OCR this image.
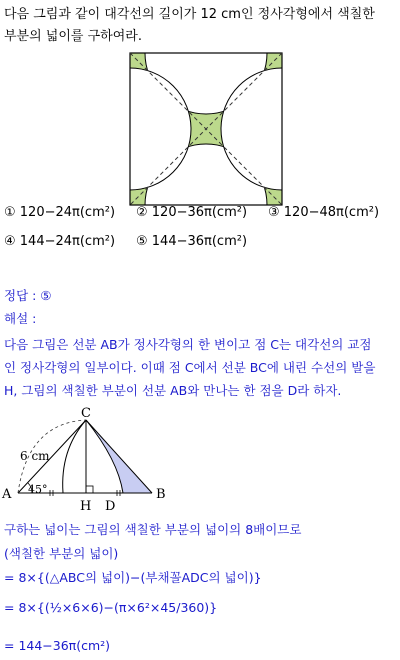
다음 그림과 같이 대각선의 길이가 12 cm인 정사각형에서 색칠한
부분의 넓이를 구하여라.
① 120−24π(cm²) ② 120−36π(cm²) ③ 120−48π(cm²)
④ 144−24π(cm²) ⑤ 144−36π(cm²)
정답 : ⑤
해설 :
다음 그림은 선분 AB가 정사각형의 한 변이고 점 C는 대각선의 교점
인 정사각형의 일부이다. 이때 점 C에서 선분 BC에 내린 수선의 발을
H, 그림의 색칠한 부분이 선분 AB와 만나는 한 점을 D라 하자.
C
A	B
H D
6 cm
45°
구하는 넓이는 그림의 색칠한 부분의 넓이의 8배이므로
(색칠한 부분의 넓이)
= 8×{(△ABC의 넓이)−(부채꼴ADC의 넓이)}
= 8×{(½×6×6)−(π×6²×45/360)}
= 144−36π(cm²)
